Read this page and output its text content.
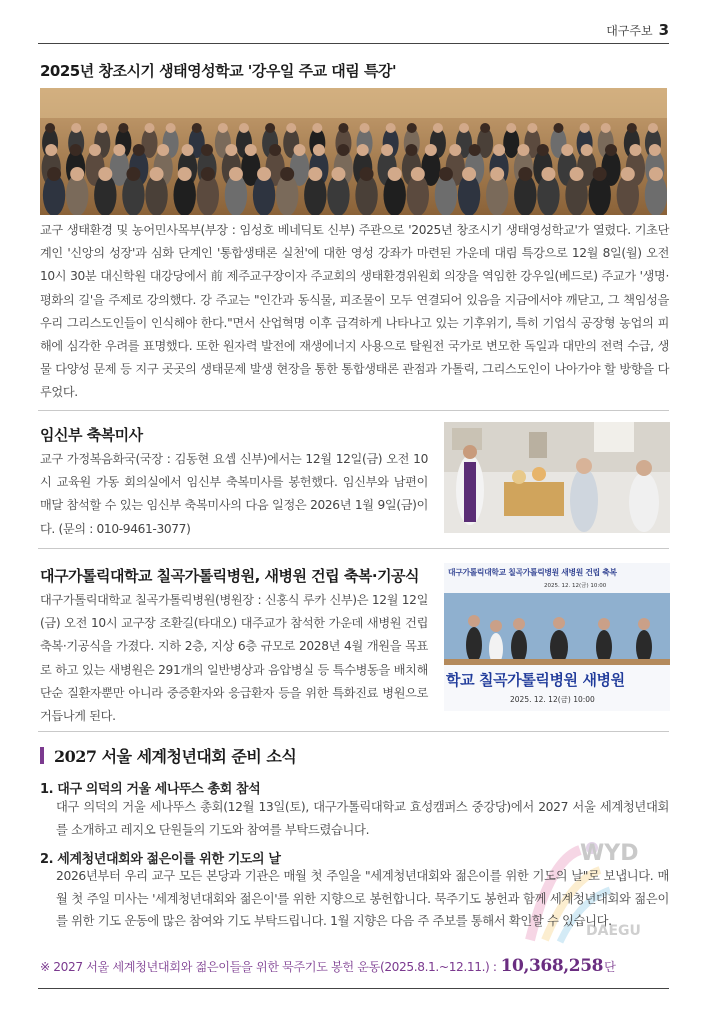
대구주보 3
2025년 창조시기 생태영성학교 '강우일 주교 대림 특강'
교구 생태환경 및 농어민사목부(부장 : 임성호 베네딕토 신부) 주관으로 '2025년 창조시기 생태영성학교'가 열렸다. 기초단계인 '신앙의 성장'과 심화 단계인 '통합생태론 실천'에 대한 영성 강좌가 마련된 가운데 대림 특강으로 12월 8일(월) 오전 10시 30분 대신학원 대강당에서 前 제주교구장이자 주교회의 생태환경위원회 의장을 역임한 강우일(베드로) 주교가 '생명·평화의 길'을 주제로 강의했다. 강 주교는 "인간과 동식물, 피조물이 모두 연결되어 있음을 지금에서야 깨닫고, 그 책임성을 우리 그리스도인들이 인식해야 한다."면서 산업혁명 이후 급격하게 나타나고 있는 기후위기, 특히 기업식 공장형 농업의 피해에 심각한 우려를 표명했다. 또한 원자력 발전에 재생에너지 사용으로 탈원전 국가로 변모한 독일과 대만의 전력 수급, 생물 다양성 문제 등 지구 곳곳의 생태문제 발생 현장을 통한 통합생태론 관점과 가톨릭, 그리스도인이 나아가야 할 방향을 다루었다.
임신부 축복미사
교구 가정복음화국(국장 : 김동현 요셉 신부)에서는 12월 12일(금) 오전 10시 교육원 가동 회의실에서 임신부 축복미사를 봉헌했다. 임신부와 남편이 매달 참석할 수 있는 임신부 축복미사의 다음 일정은 2026년 1월 9일(금)이다. (문의 : 010-9461-3077)
대구가톨릭대학교 칠곡가톨릭병원, 새병원 건립 축복·기공식
대구가톨릭대학교 칠곡가톨릭병원(병원장 : 신홍식 루카 신부)은 12월 12일(금) 오전 10시 교구장 조환길(타대오) 대주교가 참석한 가운데 새병원 건립 축복·기공식을 가졌다. 지하 2층, 지상 6층 규모로 2028년 4월 개원을 목표로 하고 있는 새병원은 291개의 일반병상과 음압병실 등 특수병동을 배치해 단순 질환자뿐만 아니라 중증환자와 응급환자 등을 위한 특화진료 병원으로 거듭나게 된다.
대구가톨릭대학교 칠곡가톨릭병원 새병원 건립 축복
2025. 12. 12(금) 10:00
학교 칠곡가톨릭병원 새병원
2025. 12. 12(금) 10:00
2027 서울 세계청년대회 준비 소식
WYD
DAEGU
1. 대구 의덕의 거울 세나뚜스 총회 참석
대구 의덕의 거울 세나뚜스 총회(12월 13일(토), 대구가톨릭대학교 효성캠퍼스 중강당)에서 2027 서울 세계청년대회를 소개하고 레지오 단원들의 기도와 참여를 부탁드렸습니다.
2. 세계청년대회와 젊은이를 위한 기도의 날
2026년부터 우리 교구 모든 본당과 기관은 매월 첫 주일을 "세계청년대회와 젊은이를 위한 기도의 날"로 보냅니다. 매월 첫 주일 미사는 '세계청년대회와 젊은이'를 위한 지향으로 봉헌합니다. 묵주기도 봉헌과 함께 세계청년대회와 젊은이를 위한 기도 운동에 많은 참여와 기도 부탁드립니다. 1월 지향은 다음 주 주보를 통해서 확인할 수 있습니다.
※ 2027 서울 세계청년대회와 젊은이들을 위한 묵주기도 봉헌 운동(2025.8.1.~12.11.) : 10,368,258 단
